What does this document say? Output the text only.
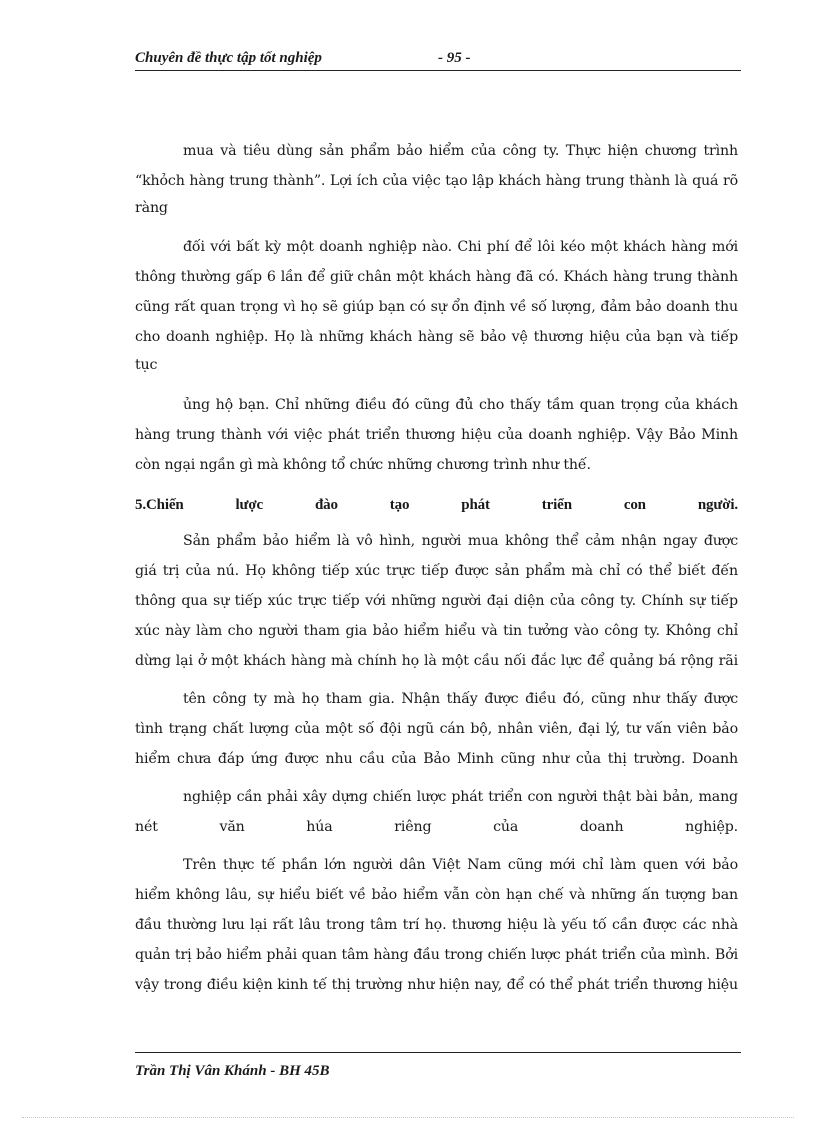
Chuyên đề thực tập tốt nghiệp	- 95 -
mua và tiêu dùng sản phẩm bảo hiểm của công ty. Thực hiện chương trình
“khỏch hàng trung thành”. Lợi ích của việc tạo lập khách hàng trung thành là quá rõ
ràng
đối với bất kỳ một doanh nghiệp nào. Chi phí để lôi kéo một khách hàng mới
thông thường gấp 6 lần để giữ chân một khách hàng đã có. Khách hàng trung thành
cũng rất quan trọng vì họ sẽ giúp bạn có sự ổn định về số lượng, đảm bảo doanh thu
cho doanh nghiệp. Họ là những khách hàng sẽ bảo vệ thương hiệu của bạn và tiếp
tục
ủng hộ bạn. Chỉ những điều đó cũng đủ cho thấy tầm quan trọng của khách
hàng trung thành với việc phát triển thương hiệu của doanh nghiệp. Vậy Bảo Minh
còn ngại ngần gì mà không tổ chức những chương trình như thế.
5.Chiến lược đào tạo phát triển con người.
Sản phẩm bảo hiểm là vô hình, người mua không thể cảm nhận ngay được
giá trị của nú. Họ không tiếp xúc trực tiếp được sản phẩm mà chỉ có thể biết đến
thông qua sự tiếp xúc trực tiếp với những người đại diện của công ty. Chính sự tiếp
xúc này làm cho người tham gia bảo hiểm hiểu và tin tưởng vào công ty. Không chỉ
dừng lại ở một khách hàng mà chính họ là một cầu nối đắc lực để quảng bá rộng rãi
tên công ty mà họ tham gia. Nhận thấy được điều đó, cũng như thấy được
tình trạng chất lượng của một số đội ngũ cán bộ, nhân viên, đại lý, tư vấn viên bảo
hiểm chưa đáp ứng được nhu cầu của Bảo Minh cũng như của thị trường. Doanh
nghiệp cần phải xây dựng chiến lược phát triển con người thật bài bản, mang
nét văn húa riêng của doanh nghiệp.
Trên thực tế phần lớn người dân Việt Nam cũng mới chỉ làm quen với bảo
hiểm không lâu, sự hiểu biết về bảo hiểm vẫn còn hạn chế và những ấn tượng ban
đầu thường lưu lại rất lâu trong tâm trí họ. thương hiệu là yếu tố cần được các nhà
quản trị bảo hiểm phải quan tâm hàng đầu trong chiến lược phát triển của mình. Bởi
vậy trong điều kiện kinh tế thị trường như hiện nay, để có thể phát triển thương hiệu
Trần Thị Vân Khánh - BH 45B
